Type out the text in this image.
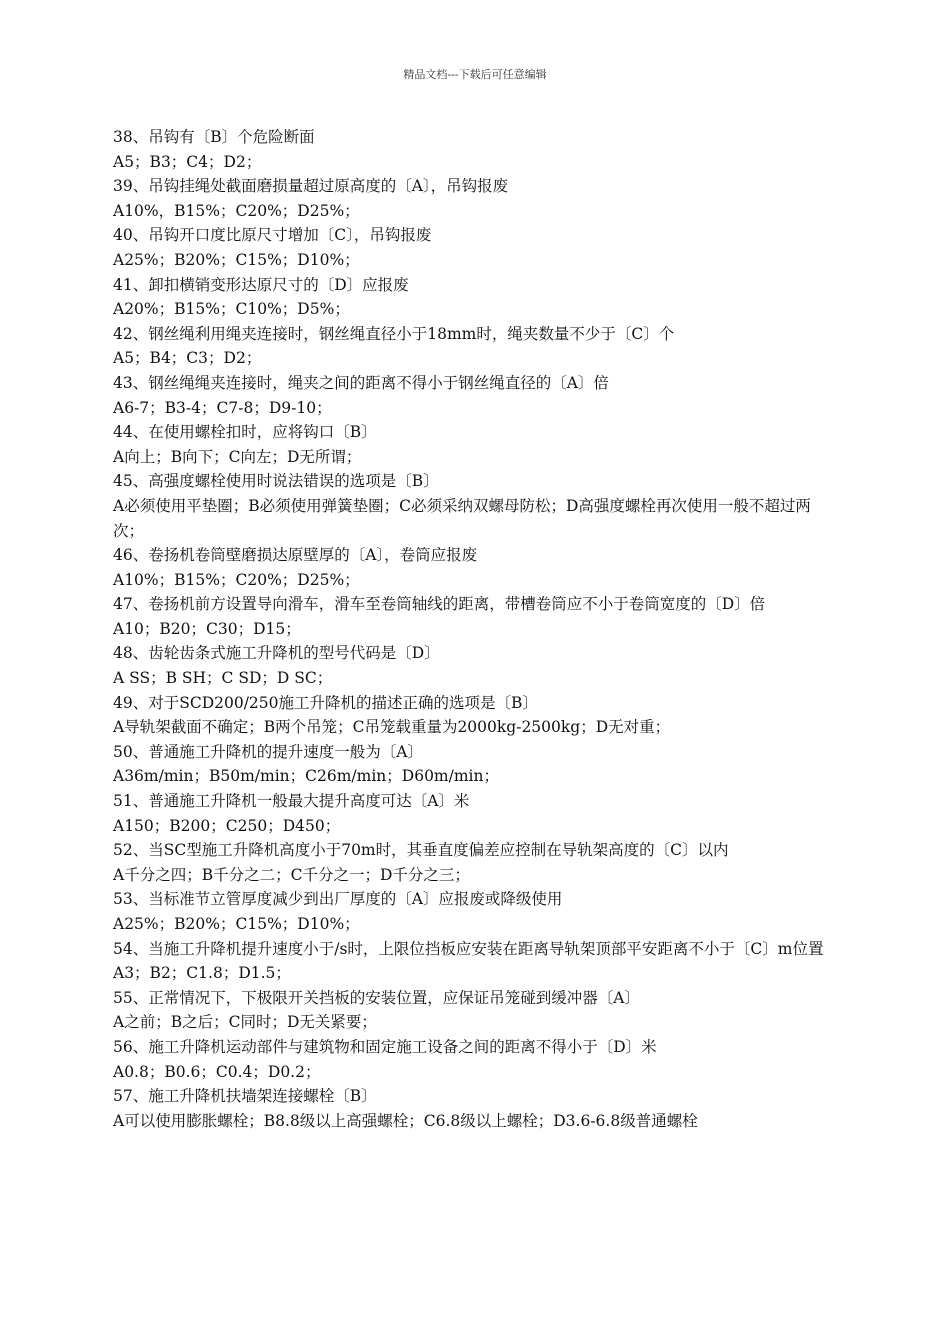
精品文档---下载后可任意编辑
38、吊钩有〔B〕个危险断面
A5；B3；C4；D2；
39、吊钩挂绳处截面磨损量超过原高度的〔A〕，吊钩报废
A10%，B15%；C20%；D25%；
40、吊钩开口度比原尺寸增加〔C〕，吊钩报废
A25%；B20%；C15%；D10%；
41、卸扣横销变形达原尺寸的〔D〕应报废
A20%；B15%；C10%；D5%；
42、钢丝绳利用绳夹连接时，钢丝绳直径小于18mm时，绳夹数量不少于〔C〕个
A5；B4；C3；D2；
43、钢丝绳绳夹连接时，绳夹之间的距离不得小于钢丝绳直径的〔A〕倍
A6-7；B3-4；C7-8；D9-10；
44、在使用螺栓扣时，应将钩口〔B〕
A向上；B向下；C向左；D无所谓；
45、高强度螺栓使用时说法错误的选项是〔B〕
A必须使用平垫圈；B必须使用弹簧垫圈；C必须采纳双螺母防松；D高强度螺栓再次使用一般不超过两次；
46、卷扬机卷筒壁磨损达原壁厚的〔A〕，卷筒应报废
A10%；B15%；C20%；D25%；
47、卷扬机前方设置导向滑车，滑车至卷筒轴线的距离，带槽卷筒应不小于卷筒宽度的〔D〕倍
A10；B20；C30；D15；
48、齿轮齿条式施工升降机的型号代码是〔D〕
A SS；B SH；C SD；D SC；
49、对于SCD200/250施工升降机的描述正确的选项是〔B〕
A导轨架截面不确定；B两个吊笼；C吊笼载重量为2000kg-2500kg；D无对重；
50、普通施工升降机的提升速度一般为〔A〕
A36m/min；B50m/min；C26m/min；D60m/min；
51、普通施工升降机一般最大提升高度可达〔A〕米
A150；B200；C250；D450；
52、当SC型施工升降机高度小于70m时，其垂直度偏差应控制在导轨架高度的〔C〕以内
A千分之四；B千分之二；C千分之一；D千分之三；
53、当标准节立管厚度减少到出厂厚度的〔A〕应报废或降级使用
A25%；B20%；C15%；D10%；
54、当施工升降机提升速度小于/s时，上限位挡板应安装在距离导轨架顶部平安距离不小于〔C〕m位置
A3；B2；C1.8；D1.5；
55、正常情况下，下极限开关挡板的安装位置，应保证吊笼碰到缓冲器〔A〕
A之前；B之后；C同时；D无关紧要；
56、施工升降机运动部件与建筑物和固定施工设备之间的距离不得小于〔D〕米
A0.8；B0.6；C0.4；D0.2；
57、施工升降机扶墙架连接螺栓〔B〕
A可以使用膨胀螺栓；B8.8级以上高强螺栓；C6.8级以上螺栓；D3.6-6.8级普通螺栓
